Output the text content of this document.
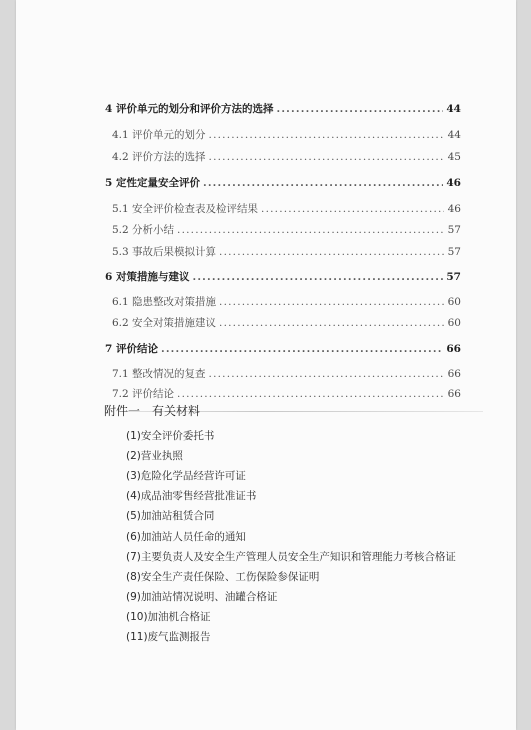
4 评价单元的划分和评价方法的选择 .....	44
4.1 评价单元的划分 .....	44
4.2 评价方法的选择 .....	45
5 定性定量安全评价 .....	46
5.1 安全评价检查表及检评结果 .....	46
5.2 分析小结 .....	57
5.3 事故后果模拟计算 .....	57
6 对策措施与建议 .....	57
6.1 隐患整改对策措施 .....	60
6.2 安全对策措施建议 .....	60
7 评价结论 .....	66
7.1 整改情况的复查 .....	66
7.2 评价结论 .....	66
附件一 有关材料
(1)安全评价委托书
(2)营业执照
(3)危险化学品经营许可证
(4)成品油零售经营批准证书
(5)加油站租赁合同
(6)加油站人员任命的通知
(7)主要负责人及安全生产管理人员安全生产知识和管理能力考核合格证
(8)安全生产责任保险、工伤保险参保证明
(9)加油站情况说明、油罐合格证
(10)加油机合格证
(11)废气监测报告
